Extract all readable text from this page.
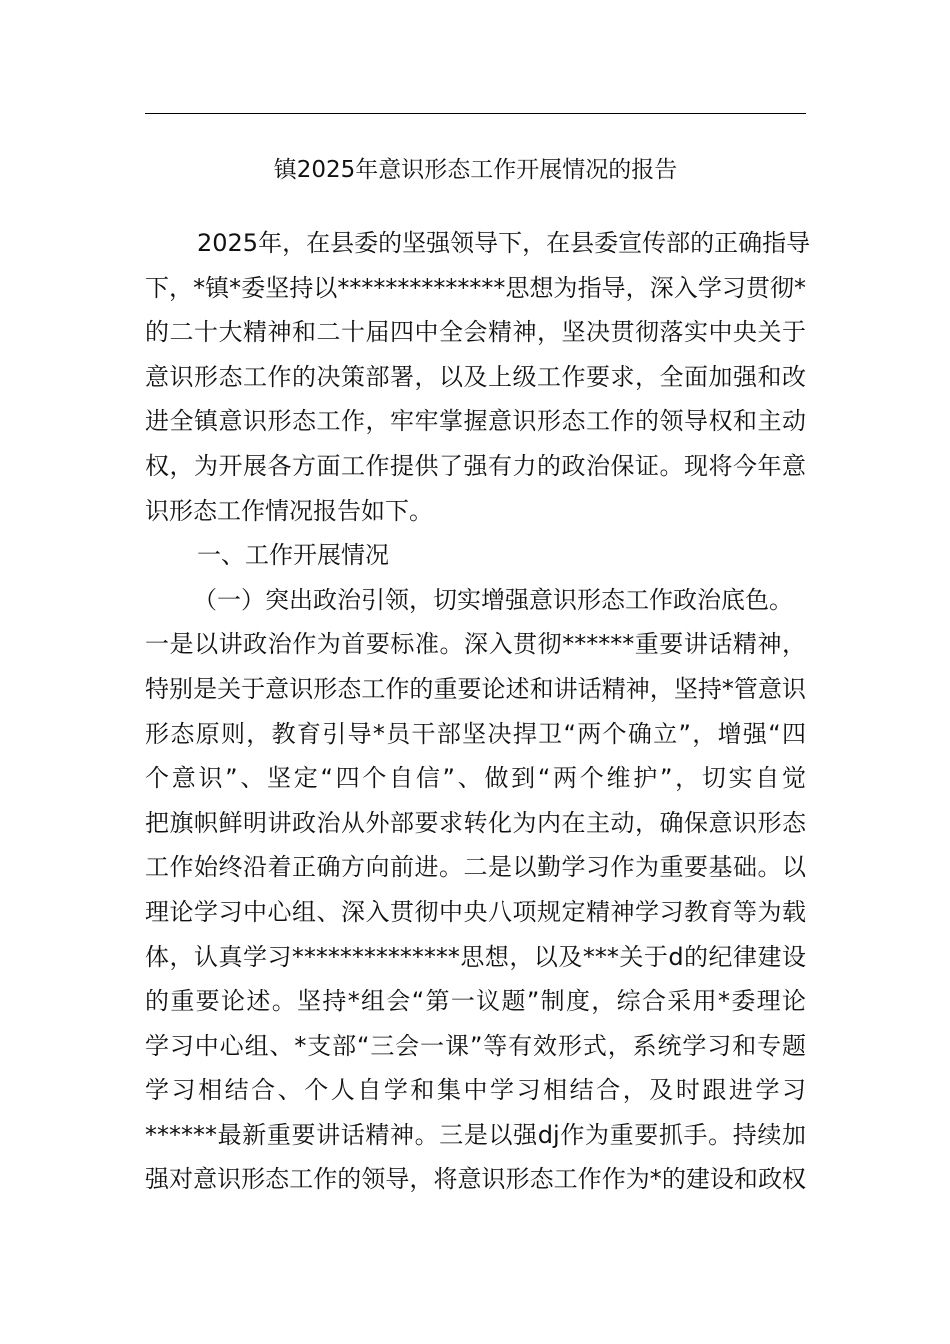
镇2025年意识形态工作开展情况的报告
2025年，在县委的坚强领导下，在县委宣传部的正确指导
下，*镇*委坚持以**************思想为指导，深入学习贯彻*
的二十大精神和二十届四中全会精神，坚决贯彻落实中央关于
意识形态工作的决策部署，以及上级工作要求，全面加强和改
进全镇意识形态工作，牢牢掌握意识形态工作的领导权和主动
权，为开展各方面工作提供了强有力的政治保证。现将今年意
识形态工作情况报告如下。
一、工作开展情况
（一）突出政治引领，切实增强意识形态工作政治底色。
一是以讲政治作为首要标准。深入贯彻******重要讲话精神，
特别是关于意识形态工作的重要论述和讲话精神，坚持*管意识
形态原则，教育引导*员干部坚决捍卫“两个确立”，增强“四
个意识”、坚定“四个自信”、做到“两个维护”，切实自觉
把旗帜鲜明讲政治从外部要求转化为内在主动，确保意识形态
工作始终沿着正确方向前进。二是以勤学习作为重要基础。以
理论学习中心组、深入贯彻中央八项规定精神学习教育等为载
体，认真学习**************思想，以及***关于d的纪律建设
的重要论述。坚持*组会“第一议题”制度，综合采用*委理论
学习中心组、*支部“三会一课”等有效形式，系统学习和专题
学习相结合、个人自学和集中学习相结合，及时跟进学习
******最新重要讲话精神。三是以强dj作为重要抓手。持续加
强对意识形态工作的领导，将意识形态工作作为*的建设和政权
